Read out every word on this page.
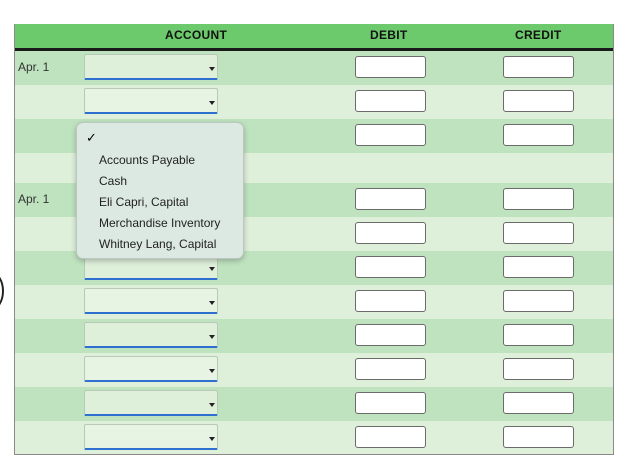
ACCOUNT	DEBIT	CREDIT
Apr. 1
Apr. 1
✓
Accounts Payable
Cash
Eli Capri, Capital
Merchandise Inventory
Whitney Lang, Capital
